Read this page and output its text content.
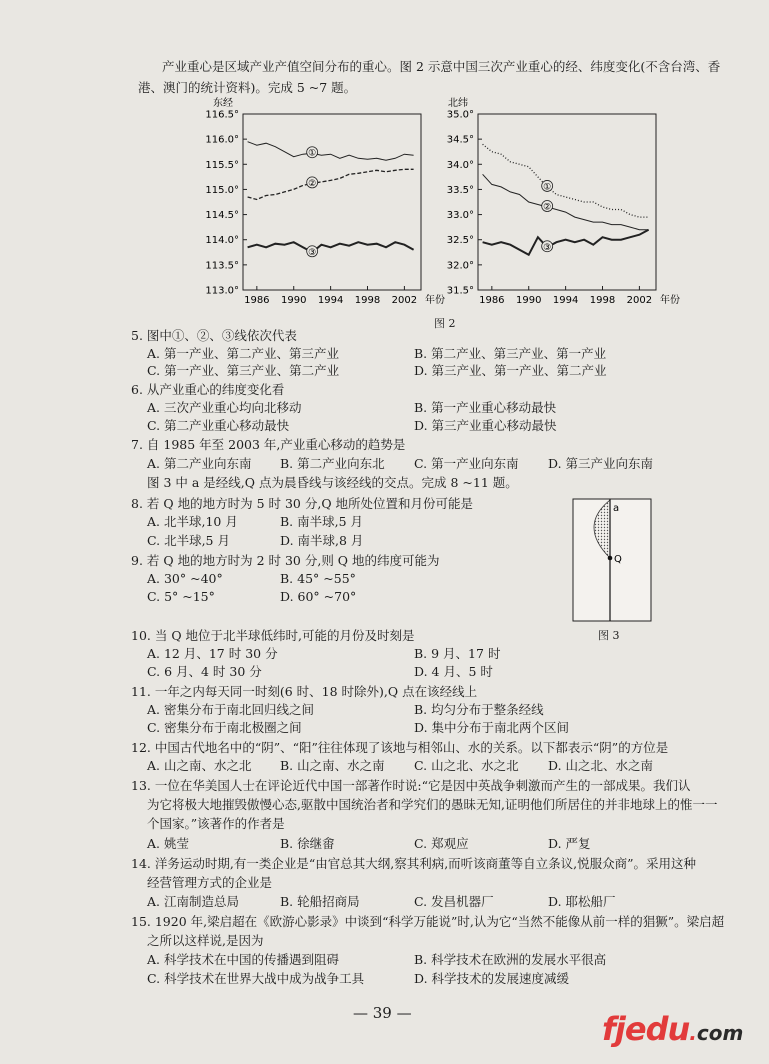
产业重心是区域产业产值空间分布的重心。图 2 示意中国三次产业重心的经、纬度变化(不含台湾、香
港、澳门的统计资料)。完成 5 ~7 题。
东经
116.5°
116.0°
115.5°
115.0°
114.5°
114.0°
113.5°
113.0°
1986 1990 1994 1998 2002 年份
①
②
③
北纬
35.0°
34.5°
34.0°
33.5°
33.0°
32.5°
32.0°
31.5°
1986 1990 1994 1998 2002 年份
①
②
③
图 2
5. 图中①、②、③线依次代表
A. 第一产业、第二产业、第三产业	B. 第二产业、第三产业、第一产业
C. 第一产业、第三产业、第二产业	D. 第三产业、第一产业、第二产业
6. 从产业重心的纬度变化看
A. 三次产业重心均向北移动	B. 第一产业重心移动最快
C. 第二产业重心移动最快	D. 第三产业重心移动最快
7. 自 1985 年至 2003 年,产业重心移动的趋势是
A. 第二产业向东南 B. 第二产业向东北 C. 第一产业向东南 D. 第三产业向东南
图 3 中 a 是经线,Q 点为晨昏线与该经线的交点。完成 8 ~11 题。
a
Q
图 3
8. 若 Q 地的地方时为 5 时 30 分,Q 地所处位置和月份可能是
A. 北半球,10 月	B. 南半球,5 月
C. 北半球,5 月	D. 南半球,8 月
9. 若 Q 地的地方时为 2 时 30 分,则 Q 地的纬度可能为
A. 30° ~40°	B. 45° ~55°
C. 5° ~15°	D. 60° ~70°
10. 当 Q 地位于北半球低纬时,可能的月份及时刻是
A. 12 月、17 时 30 分	B. 9 月、17 时
C. 6 月、4 时 30 分	D. 4 月、5 时
11. 一年之内每天同一时刻(6 时、18 时除外),Q 点在该经线上
A. 密集分布于南北回归线之间	B. 均匀分布于整条经线
C. 密集分布于南北极圈之间	D. 集中分布于南北两个区间
12. 中国古代地名中的“阴”、“阳”往往体现了该地与相邻山、水的关系。以下都表示“阴”的方位是
A. 山之南、水之北 B. 山之南、水之南 C. 山之北、水之北 D. 山之北、水之南
13. 一位在华美国人士在评论近代中国一部著作时说:“它是因中英战争刺激而产生的一部成果。我们认
为它将极大地摧毁傲慢心态,驱散中国统治者和学究们的愚昧无知,证明他们所居住的并非地球上的惟一一
个国家。”该著作的作者是
A. 姚莹	B. 徐继畬	C. 郑观应	D. 严复
14. 洋务运动时期,有一类企业是“由官总其大纲,察其利病,而听该商董等自立条议,悦服众商”。采用这种
经营管理方式的企业是
A. 江南制造总局	B. 轮船招商局	C. 发昌机器厂	D. 耶松船厂
15. 1920 年,梁启超在《欧游心影录》中谈到“科学万能说”时,认为它“当然不能像从前一样的猖獗”。梁启超
之所以这样说,是因为
A. 科学技术在中国的传播遇到阻碍	B. 科学技术在欧洲的发展水平很高
C. 科学技术在世界大战中成为战争工具	D. 科学技术的发展速度减缓
— 39 —	fjedu.com
